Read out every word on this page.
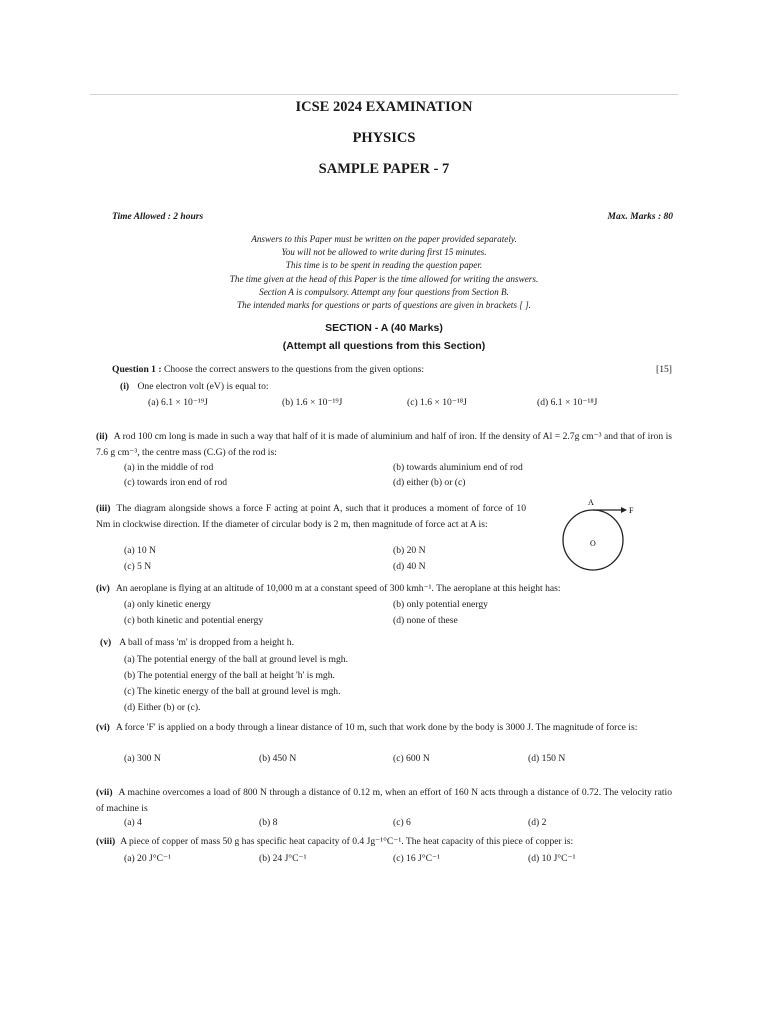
ICSE 2024 EXAMINATION
PHYSICS
SAMPLE PAPER - 7
Time Allowed : 2 hours	Max. Marks : 80
Answers to this Paper must be written on the paper provided separately.
You will not be allowed to write during first 15 minutes.
This time is to be spent in reading the question paper.
The time given at the head of this Paper is the time allowed for writing the answers.
Section A is compulsory. Attempt any four questions from Section B.
The intended marks for questions or parts of questions are given in brackets [ ].
SECTION - A (40 Marks)
(Attempt all questions from this Section)
Question 1 : Choose the correct answers to the questions from the given options:	[15]
(i) One electron volt (eV) is equal to:
(a) 6.1 × 10⁻¹⁹J	(b) 1.6 × 10⁻¹⁹J	(c) 1.6 × 10⁻¹⁸J	(d) 6.1 × 10⁻¹⁸J
(ii) A rod 100 cm long is made in such a way that half of it is made of aluminium and half of iron. If the density of Al = 2.7g cm⁻³ and that of iron is 7.6 g cm⁻³, the centre mass (C.G) of the rod is:
(a) in the middle of rod	(b) towards aluminium end of rod
(c) towards iron end of rod	(d) either (b) or (c)
(iii) The diagram alongside shows a force F acting at point A, such that it produces a moment of force of 10 Nm in clockwise direction. If the diameter of circular body is 2 m, then magnitude of force act at A is:
(a) 10 N	(b) 20 N
(c) 5 N	(d) 40 N
A
F
O
(iv) An aeroplane is flying at an altitude of 10,000 m at a constant speed of 300 kmh⁻¹. The aeroplane at this height has:
(a) only kinetic energy	(b) only potential energy
(c) both kinetic and potential energy	(d) none of these
(v) A ball of mass 'm' is dropped from a height h.
(a) The potential energy of the ball at ground level is mgh.
(b) The potential energy of the ball at height 'h' is mgh.
(c) The kinetic energy of the ball at ground level is mgh.
(d) Either (b) or (c).
(vi) A force 'F' is applied on a body through a linear distance of 10 m, such that work done by the body is 3000 J. The magnitude of force is:
(a) 300 N	(b) 450 N	(c) 600 N	(d) 150 N
(vii) A machine overcomes a load of 800 N through a distance of 0.12 m, when an effort of 160 N acts through a distance of 0.72. The velocity ratio of machine is
(a) 4	(b) 8	(c) 6	(d) 2
(viii) A piece of copper of mass 50 g has specific heat capacity of 0.4 Jg⁻¹°C⁻¹. The heat capacity of this piece of copper is:
(a) 20 J°C⁻¹	(b) 24 J°C⁻¹	(c) 16 J°C⁻¹	(d) 10 J°C⁻¹
